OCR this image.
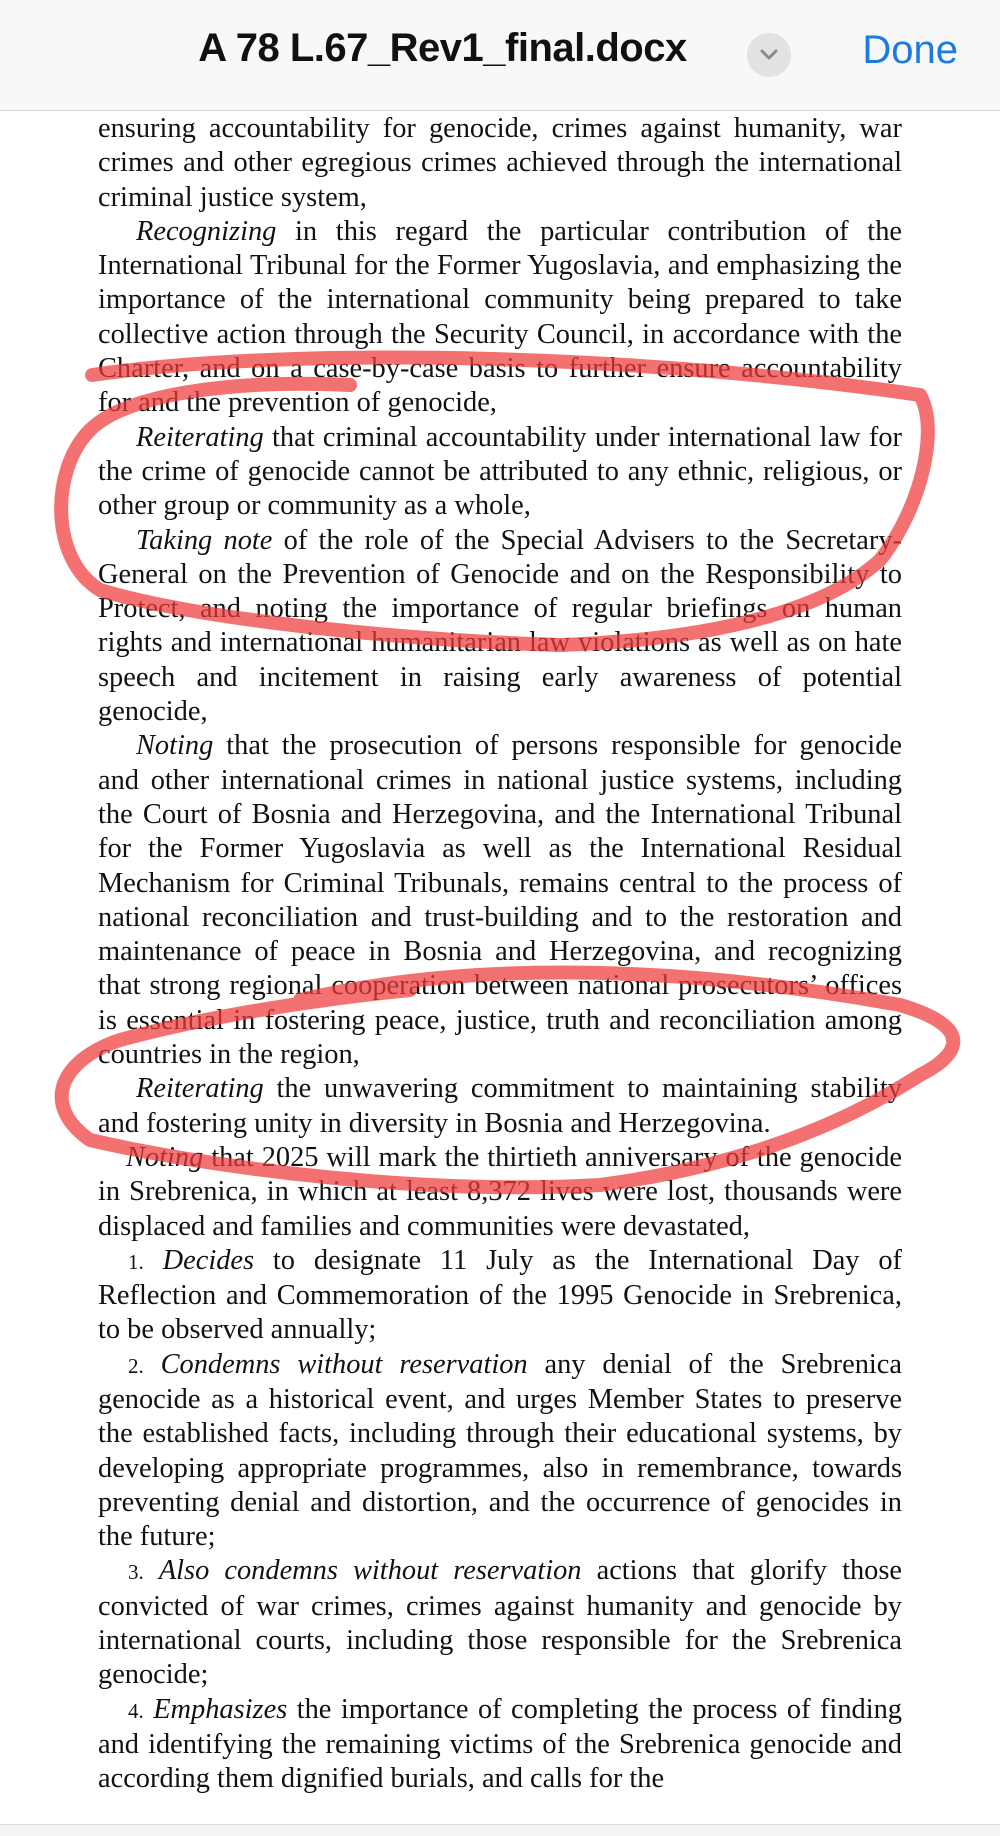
A 78 L.67_Rev1_final.docx	Done

ensuring accountability for genocide, crimes against humanity, war crimes and other egregious crimes achieved through the international criminal justice system,

Recognizing in this regard the particular contribution of the International Tribunal for the Former Yugoslavia, and emphasizing the importance of the international community being prepared to take collective action through the Security Council, in accordance with the Charter, and on a case-by-case basis to further ensure accountability for and the prevention of genocide,

Reiterating that criminal accountability under international law for the crime of genocide cannot be attributed to any ethnic, religious, or other group or community as a whole,

Taking note of the role of the Special Advisers to the Secretary-General on the Prevention of Genocide and on the Responsibility to Protect, and noting the importance of regular briefings on human rights and international humanitarian law violations as well as on hate speech and incitement in raising early awareness of potential genocide,

Noting that the prosecution of persons responsible for genocide and other international crimes in national justice systems, including the Court of Bosnia and Herzegovina, and the International Tribunal for the Former Yugoslavia as well as the International Residual Mechanism for Criminal Tribunals, remains central to the process of national reconciliation and trust-building and to the restoration and maintenance of peace in Bosnia and Herzegovina, and recognizing that strong regional cooperation between national prosecutors’ offices is essential in fostering peace, justice, truth and reconciliation among countries in the region,

Reiterating the unwavering commitment to maintaining stability and fostering unity in diversity in Bosnia and Herzegovina.

Noting that 2025 will mark the thirtieth anniversary of the genocide in Srebrenica, in which at least 8,372 lives were lost, thousands were displaced and families and communities were devastated,

1. Decides to designate 11 July as the International Day of Reflection and Commemoration of the 1995 Genocide in Srebrenica, to be observed annually;

2. Condemns without reservation any denial of the Srebrenica genocide as a historical event, and urges Member States to preserve the established facts, including through their educational systems, by developing appropriate programmes, also in remembrance, towards preventing denial and distortion, and the occurrence of genocides in the future;

3. Also condemns without reservation actions that glorify those convicted of war crimes, crimes against humanity and genocide by international courts, including those responsible for the Srebrenica genocide;

4. Emphasizes the importance of completing the process of finding and identifying the remaining victims of the Srebrenica genocide and according them dignified burials, and calls for the
